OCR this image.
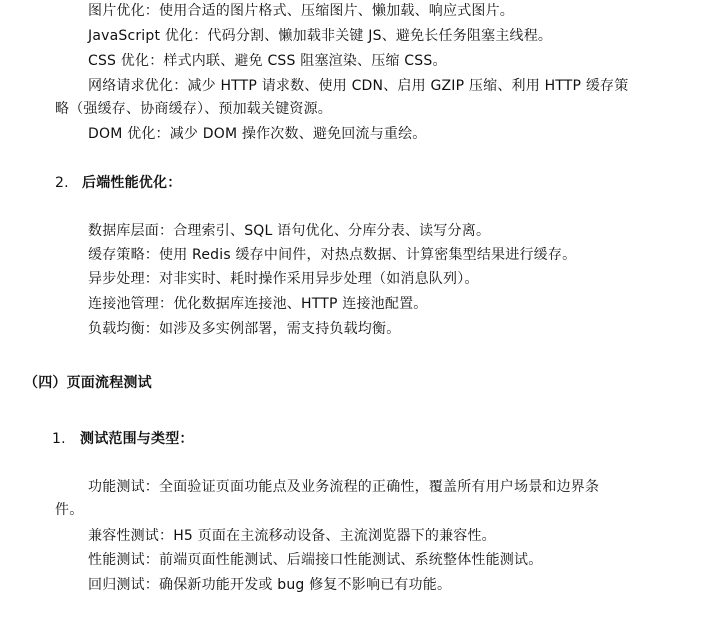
图片优化：使用合适的图片格式、压缩图片、懒加载、响应式图片。
JavaScript 优化：代码分割、懒加载非关键 JS、避免长任务阻塞主线程。
CSS 优化：样式内联、避免 CSS 阻塞渲染、压缩 CSS。
网络请求优化：减少 HTTP 请求数、使用 CDN、启用 GZIP 压缩、利用 HTTP 缓存策
略（强缓存、协商缓存）、预加载关键资源。
DOM 优化：减少 DOM 操作次数、避免回流与重绘。
2. 后端性能优化：
数据库层面：合理索引、SQL 语句优化、分库分表、读写分离。
缓存策略：使用 Redis 缓存中间件，对热点数据、计算密集型结果进行缓存。
异步处理：对非实时、耗时操作采用异步处理（如消息队列）。
连接池管理：优化数据库连接池、HTTP 连接池配置。
负载均衡：如涉及多实例部署，需支持负载均衡。
（四）页面流程测试
1. 测试范围与类型：
功能测试：全面验证页面功能点及业务流程的正确性，覆盖所有用户场景和边界条
件。
兼容性测试：H5 页面在主流移动设备、主流浏览器下的兼容性。
性能测试：前端页面性能测试、后端接口性能测试、系统整体性能测试。
回归测试：确保新功能开发或 bug 修复不影响已有功能。
